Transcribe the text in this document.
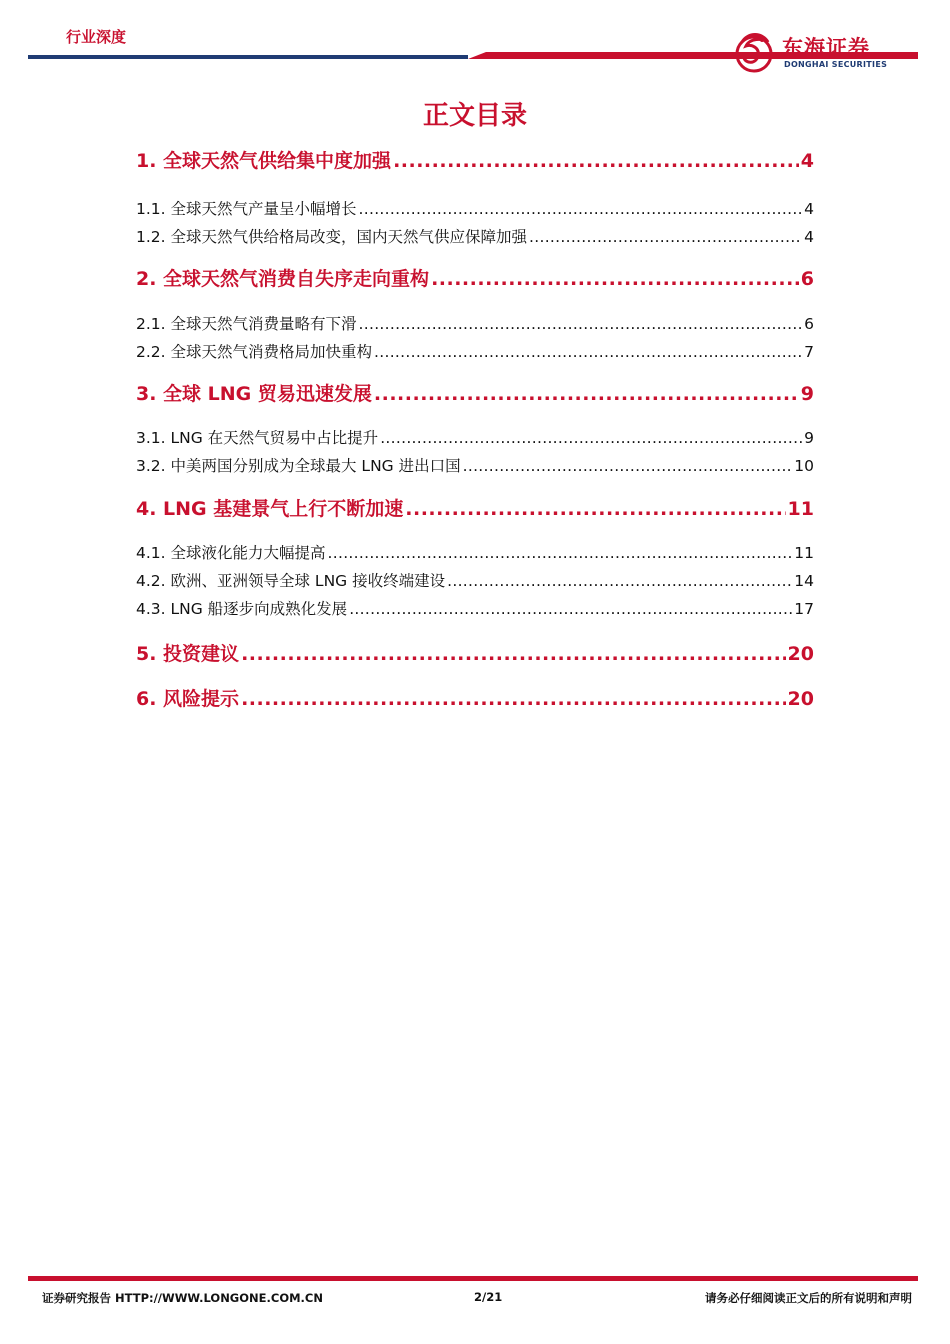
行业深度	东海证券
DONGHAI SECURITIES
正文目录
1. 全球天然气供给集中度加强 .....	4
1.1. 全球天然气产量呈小幅增长 .....	4
1.2. 全球天然气供给格局改变，国内天然气供应保障加强 .....	4
2. 全球天然气消费自失序走向重构 .....	6
2.1. 全球天然气消费量略有下滑 .....	6
2.2. 全球天然气消费格局加快重构 .....	7
3. 全球 LNG 贸易迅速发展 .....	9
3.1. LNG 在天然气贸易中占比提升 .....	9
3.2. 中美两国分别成为全球最大 LNG 进出口国 .....	10
4. LNG 基建景气上行不断加速 .....	11
4.1. 全球液化能力大幅提高 .....	11
4.2. 欧洲、亚洲领导全球 LNG 接收终端建设 .....	14
4.3. LNG 船逐步向成熟化发展 .....	17
5. 投资建议 .....	20
6. 风险提示 .....	20
证券研究报告 HTTP://WWW.LONGONE.COM.CN	2/21	请务必仔细阅读正文后的所有说明和声明
